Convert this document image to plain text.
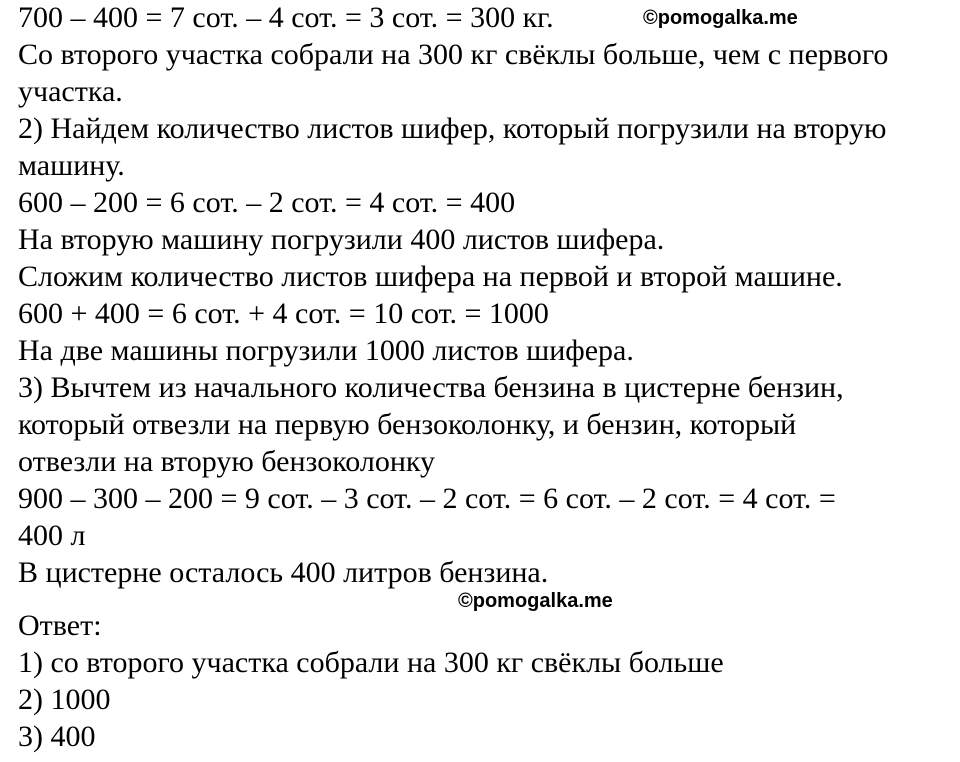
©pomogalka.me
700 – 400 = 7 сот. – 4 сот. = 3 сот. = 300 кг.
Со второго участка собрали на 300 кг свёклы больше, чем с первого
участка.
2) Найдем количество листов шифер, который погрузили на вторую
машину.
600 – 200 = 6 сот. – 2 сот. = 4 сот. = 400
На вторую машину погрузили 400 листов шифера.
Сложим количество листов шифера на первой и второй машине.
600 + 400 = 6 сот. + 4 сот. = 10 сот. = 1000
На две машины погрузили 1000 листов шифера.
3) Вычтем из начального количества бензина в цистерне бензин,
который отвезли на первую бензоколонку, и бензин, который
отвезли на вторую бензоколонку
900 – 300 – 200 = 9 сот. – 3 сот. – 2 сот. = 6 сот. – 2 сот. = 4 сот. =
400 л
В цистерне осталось 400 литров бензина.
©pomogalka.me
Ответ:
1) со второго участка собрали на 300 кг свёклы больше
2) 1000
3) 400
